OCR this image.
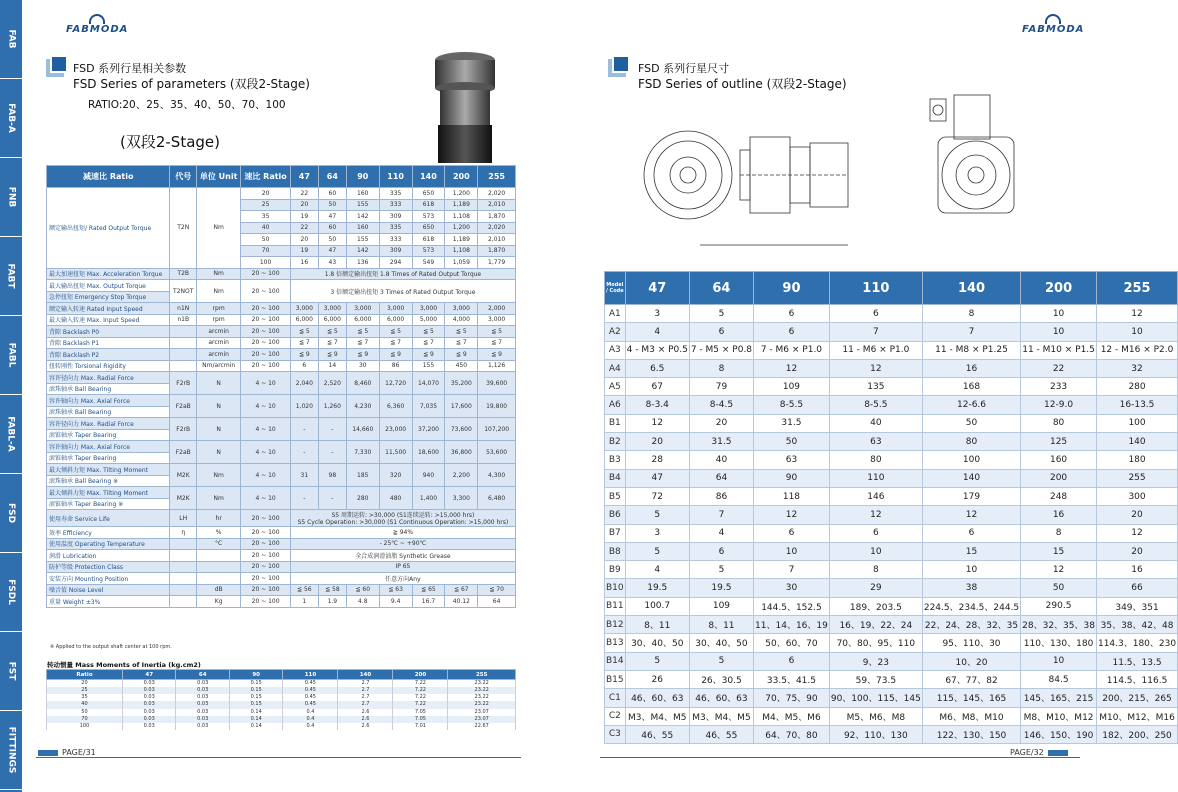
FAB
FAB-A
FNB
FABT
FABL
FABL-A
FSD
FSDL
FST
FITTINGS
FABMODA	FABMODA
FSD 系列行星相关参数
FSD Series of parameters (双段2-Stage)
RATIO:20、25、35、40、50、70、100
(双段2-Stage)
减速比 Ratio	代号	单位 Unit	速比 Ratio	47	64	90	110	140	200	255
额定输出扭矩/ Rated Output Torque	T2N	Nm	20	22	60	160	335	650	1,200	2,020
			25	20	50	155	333	618	1,189	2,010
			35	19	47	142	309	573	1,108	1,870
			40	22	60	160	335	650	1,200	2,020
			50	20	50	155	333	618	1,189	2,010
			70	19	47	142	309	573	1,108	1,870
			100	16	43	136	294	549	1,059	1,779
最大加速扭矩 Max. Acceleration Torque	T2B	Nm	20 ~ 100	1.8 倍额定输出扭矩 1.8 Times of Rated Output Torque						
最大输出扭矩 Max. Output Torque	T2NOT	Nm	20 ~ 100	3 倍额定输出扭矩 3 Times of Rated Output Torque						
急停扭矩 Emergency Stop Torque										
额定输入转速 Rated Input Speed	n1N	rpm	20 ~ 100	3,000	3,000	3,000	3,000	3,000	3,000	2,000
最大输入转速 Max. Input Speed	n1B	rpm	20 ~ 100	6,000	6,000	6,000	6,000	5,000	4,000	3,000
背隙 Backlash P0		arcmin	20 ~ 100	≦ 5	≦ 5	≦ 5	≦ 5	≦ 5	≦ 5	≦ 5
背隙 Backlash P1		arcmin	20 ~ 100	≦ 7	≦ 7	≦ 7	≦ 7	≦ 7	≦ 7	≦ 7
背隙 Backlash P2		arcmin	20 ~ 100	≦ 9	≦ 9	≦ 9	≦ 9	≦ 9	≦ 9	≦ 9
扭转刚性 Torsional Rigidity		Nm/arcmin	20 ~ 100	6	14	30	86	155	450	1,126
容许径向力 Max. Radial Force	F2rB	N	4 ~ 10	2,040	2,520	8,460	12,720	14,070	35,200	39,600
滚珠轴承 Ball Bearing										
容许轴向力 Max. Axial Force	F2aB	N	4 ~ 10	1,020	1,260	4,230	6,360	7,035	17,600	19,800
滚珠轴承 Ball Bearing										
容许径向力 Max. Radial Force	F2rB	N	4 ~ 10	-	-	14,660	23,000	37,200	73,600	107,200
滚锥轴承 Taper Bearing										
容许轴向力 Max. Axial Force	F2aB	N	4 ~ 10	-	-	7,330	11,500	18,600	36,800	53,600
滚锥轴承 Taper Bearing										
最大倾斜力矩 Max. Tilting Moment	M2K	Nm	4 ~ 10	31	98	185	320	940	2,200	4,300
滚珠轴承 Ball Bearing ※										
最大倾斜力矩 Max. Tilting Moment	M2K	Nm	4 ~ 10	-	-	280	480	1,400	3,300	6,480
滚锥轴承 Taper Bearing ※										
使用寿命 Service Life	LH	hr	20 ~ 100	S5 周期运转: >30,000 (S1连续运转: >15,000 hrs)
S5 Cycle Operation: >30,000 (S1 Continuous Operation: >15,000 hrs)						

效率 Efficiency	η	%	20 ~ 100	≧ 94%						
使用温度 Operating Temperature		°C	20 ~ 100	- 25℃ ~ +90℃						
润滑 Lubrication			20 ~ 100	全合成润滑油脂 Synthetic Grease						
防护等级 Protection Class			20 ~ 100	IP 65						
安装方向 Mounting Position			20 ~ 100	任意方向Any						
噪音值 Noise Level		dB	20 ~ 100	≦ 56	≦ 58	≦ 60	≦ 63	≦ 65	≦ 67	≦ 70
重量 Weight ±3%		Kg	20 ~ 100	1	1.9	4.8	9.4	16.7	40.12	64
※ Applied to the output shaft center at 100 rpm.
转动惯量 Mass Moments of Inertia (kg.cm2)
Ratio	47	64	90	110	140	200	255
20	0.03	0.03	0.15	0.45	2.7	7.22	23.22
25	0.03	0.03	0.15	0.45	2.7	7.22	23.22
35	0.03	0.03	0.15	0.45	2.7	7.22	23.22
40	0.03	0.03	0.15	0.45	2.7	7.22	23.22
50	0.03	0.03	0.14	0.4	2.6	7.05	23.07
70	0.03	0.03	0.14	0.4	2.6	7.05	23.07
100	0.03	0.03	0.14	0.4	2.6	7.01	22.67
PAGE/31
FSD 系列行星尺寸
FSD Series of outline (双段2-Stage)
Model / Code	47	64	90	110	140	200	255
A1	3	5	6	6	8	10	12
A2	4	6	6	7	7	10	10
A3	4 - M3 × P0.5	7 - M5 × P0.8	7 - M6 × P1.0	11 - M6 × P1.0	11 - M8 × P1.25	11 - M10 × P1.5	12 - M16 × P2.0
A4	6.5	8	12	12	16	22	32
A5	67	79	109	135	168	233	280
A6	8-3.4	8-4.5	8-5.5	8-5.5	12-6.6	12-9.0	16-13.5
B1	12	20	31.5	40	50	80	100
B2	20	31.5	50	63	80	125	140
B3	28	40	63	80	100	160	180
B4	47	64	90	110	140	200	255
B5	72	86	118	146	179	248	300
B6	5	7	12	12	12	16	20
B7	3	4	6	6	6	8	12
B8	5	6	10	10	15	15	20
B9	4	5	7	8	10	12	16
B10	19.5	19.5	30	29	38	50	66
B11	100.7	109	144.5、152.5	189、203.5	224.5、234.5、244.5	290.5	349、351
B12	8、11	8、11	11、14、16、19	16、19、22、24	22、24、28、32、35	28、32、35、38	35、38、42、48
B13	30、40、50	30、40、50	50、60、70	70、80、95、110	95、110、30	110、130、180	114.3、180、230
B14	5	5	6	9、23	10、20	10	11.5、13.5
B15	26	26、30.5	33.5、41.5	59、73.5	67、77、82	84.5	114.5、116.5
C1	46、60、63	46、60、63	70、75、90	90、100、115、145	115、145、165	145、165、215	200、215、265
C2	M3、M4、M5	M3、M4、M5	M4、M5、M6	M5、M6、M8	M6、M8、M10	M8、M10、M12	M10、M12、M16
C3	46、55	46、55	64、70、80	92、110、130	122、130、150	146、150、190	182、200、250
PAGE/32
